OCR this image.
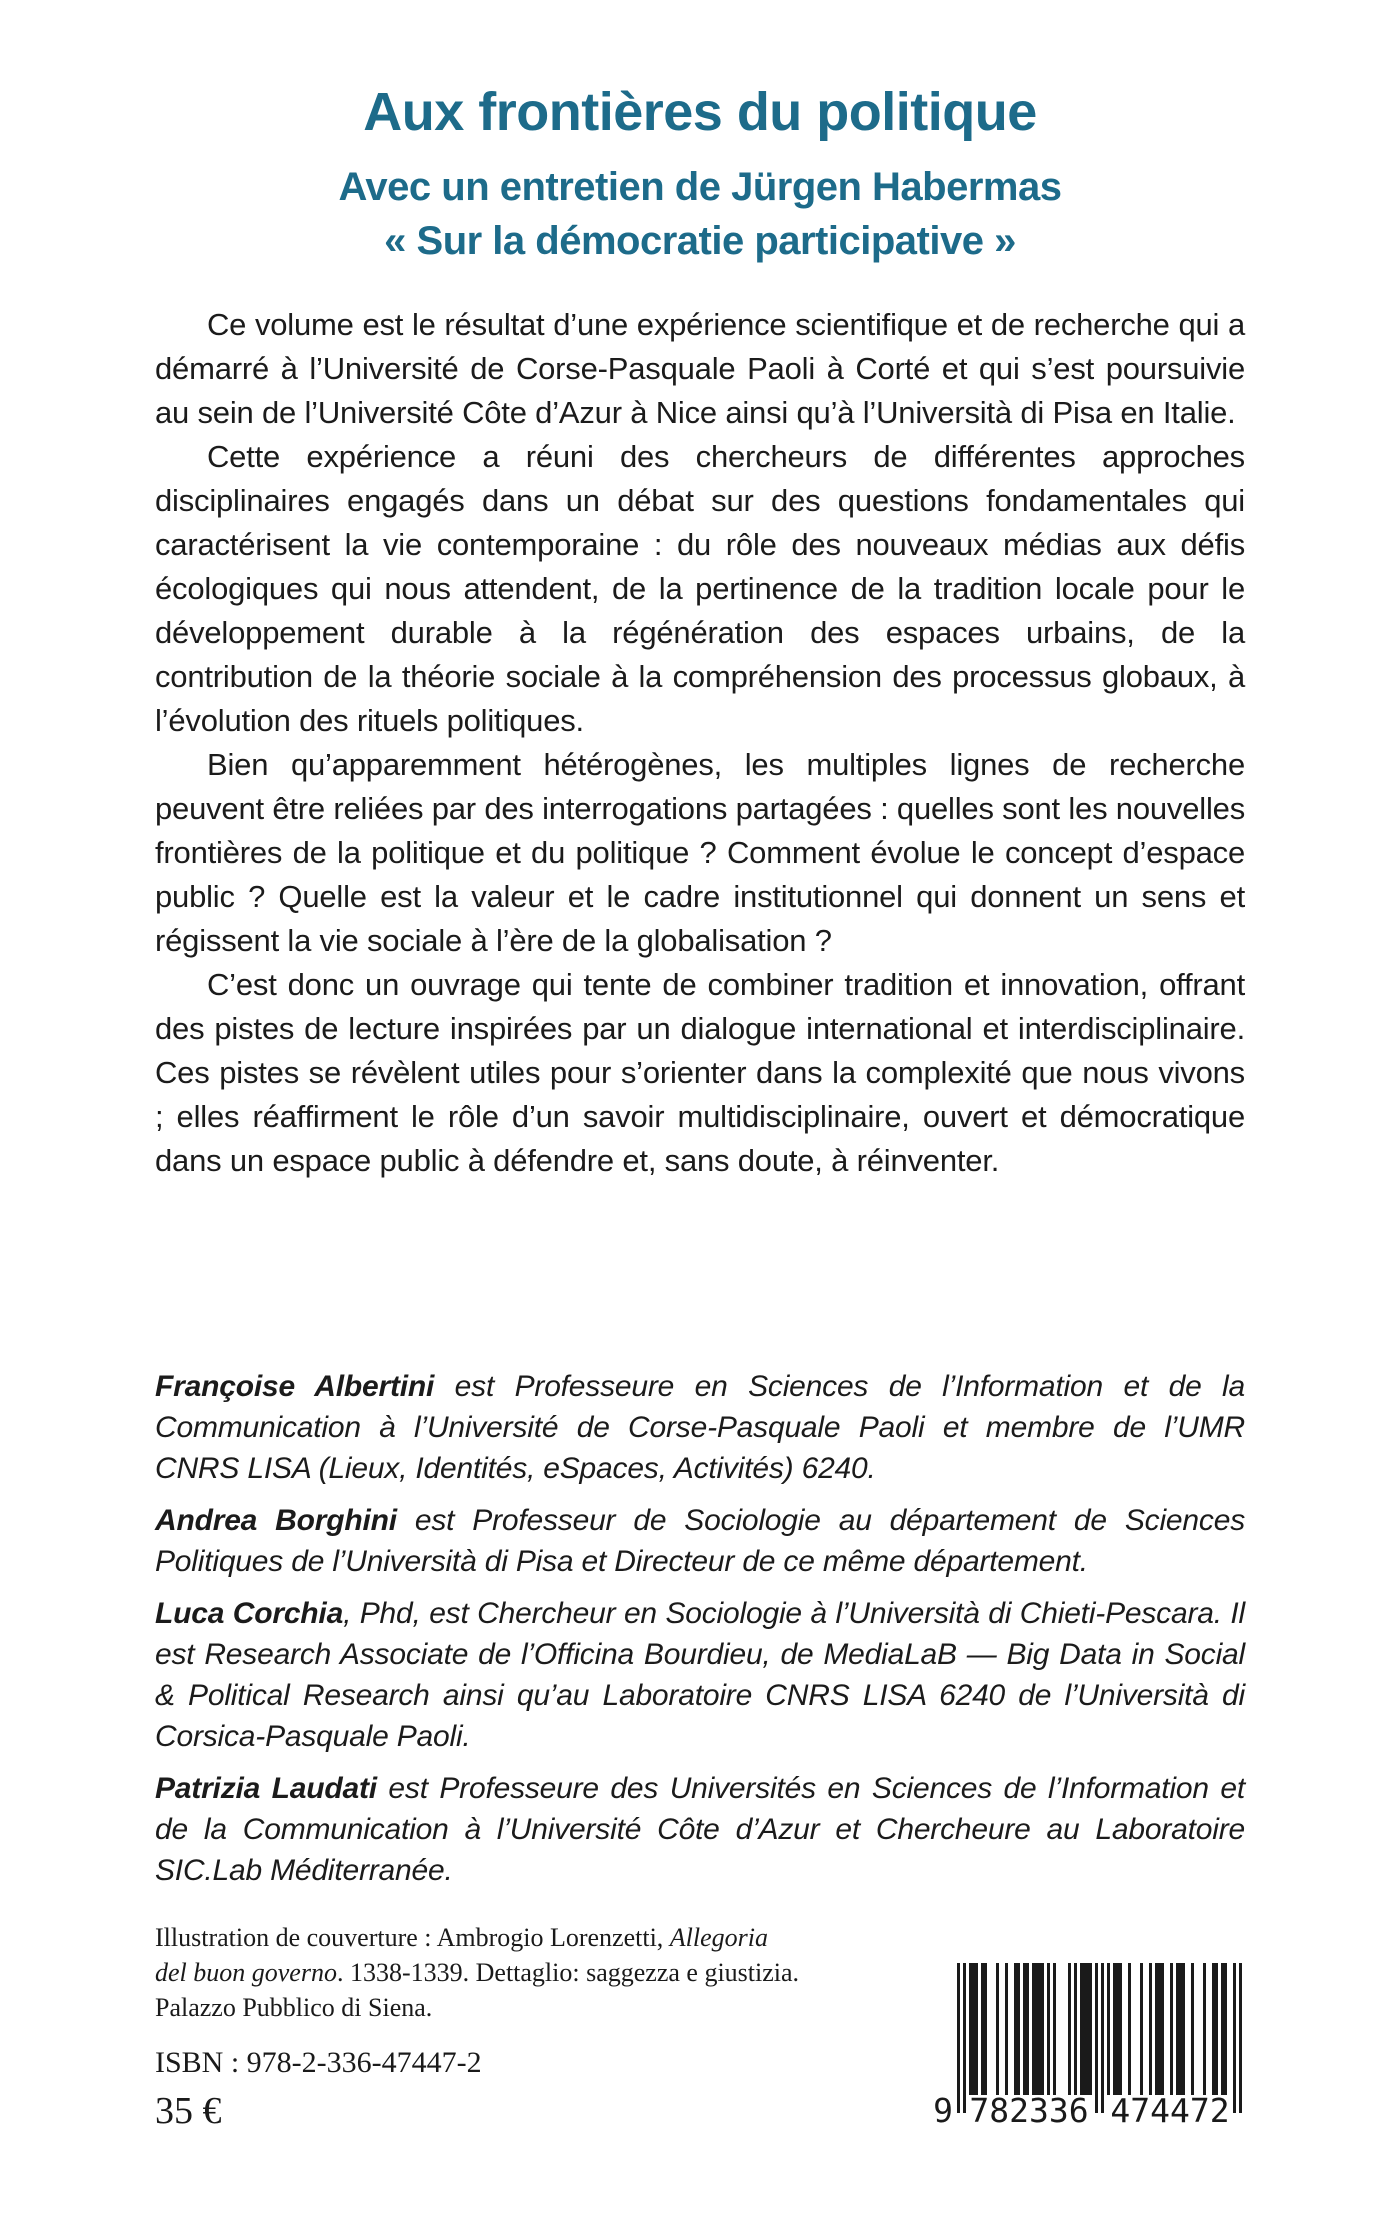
Aux frontières du politique
Avec un entretien de Jürgen Habermas
« Sur la démocratie participative »

Ce volume est le résultat d’une expérience scientifique et de recherche qui a démarré à l’Université de Corse-Pasquale Paoli à Corté et qui s’est poursuivie au sein de l’Université Côte d’Azur à Nice ainsi qu’à l’Università di Pisa en Italie.

Cette expérience a réuni des chercheurs de différentes approches disciplinaires engagés dans un débat sur des questions fondamentales qui caractérisent la vie contemporaine : du rôle des nouveaux médias aux défis écologiques qui nous attendent, de la pertinence de la tradition locale pour le développement durable à la régénération des espaces urbains, de la contribution de la théorie sociale à la compréhension des processus globaux, à l’évolution des rituels politiques.

Bien qu’apparemment hétérogènes, les multiples lignes de recherche peuvent être reliées par des interrogations partagées : quelles sont les nouvelles frontières de la politique et du politique ? Comment évolue le concept d’espace public ? Quelle est la valeur et le cadre institutionnel qui donnent un sens et régissent la vie sociale à l’ère de la globalisation ?

C’est donc un ouvrage qui tente de combiner tradition et innovation, offrant des pistes de lecture inspirées par un dialogue international et interdisciplinaire. Ces pistes se révèlent utiles pour s’orienter dans la complexité que nous vivons ; elles réaffirment le rôle d’un savoir multidisciplinaire, ouvert et démocratique dans un espace public à défendre et, sans doute, à réinventer.

Françoise Albertini est Professeure en Sciences de l’Information et de la Communication à l’Université de Corse-Pasquale Paoli et membre de l’UMR CNRS LISA (Lieux, Identités, eSpaces, Activités) 6240.

Andrea Borghini est Professeur de Sociologie au département de Sciences Politiques de l’Università di Pisa et Directeur de ce même département.

Luca Corchia, Phd, est Chercheur en Sociologie à l’Università di Chieti-Pescara. Il est Research Associate de l’Officina Bourdieu, de MediaLaB — Big Data in Social & Political Research ainsi qu’au Laboratoire CNRS LISA 6240 de l’Università di Corsica-Pasquale Paoli.

Patrizia Laudati est Professeure des Universités en Sciences de l’Information et de la Communication à l’Université Côte d’Azur et Chercheure au Laboratoire SIC.Lab Méditerranée.

Illustration de couverture : Ambrogio Lorenzetti, Allegoria
del buon governo. 1338-1339. Dettaglio: saggezza e giustizia.
Palazzo Pubblico di Siena.
ISBN : 978-2-336-47447-2
35 €	9 782336 474472
